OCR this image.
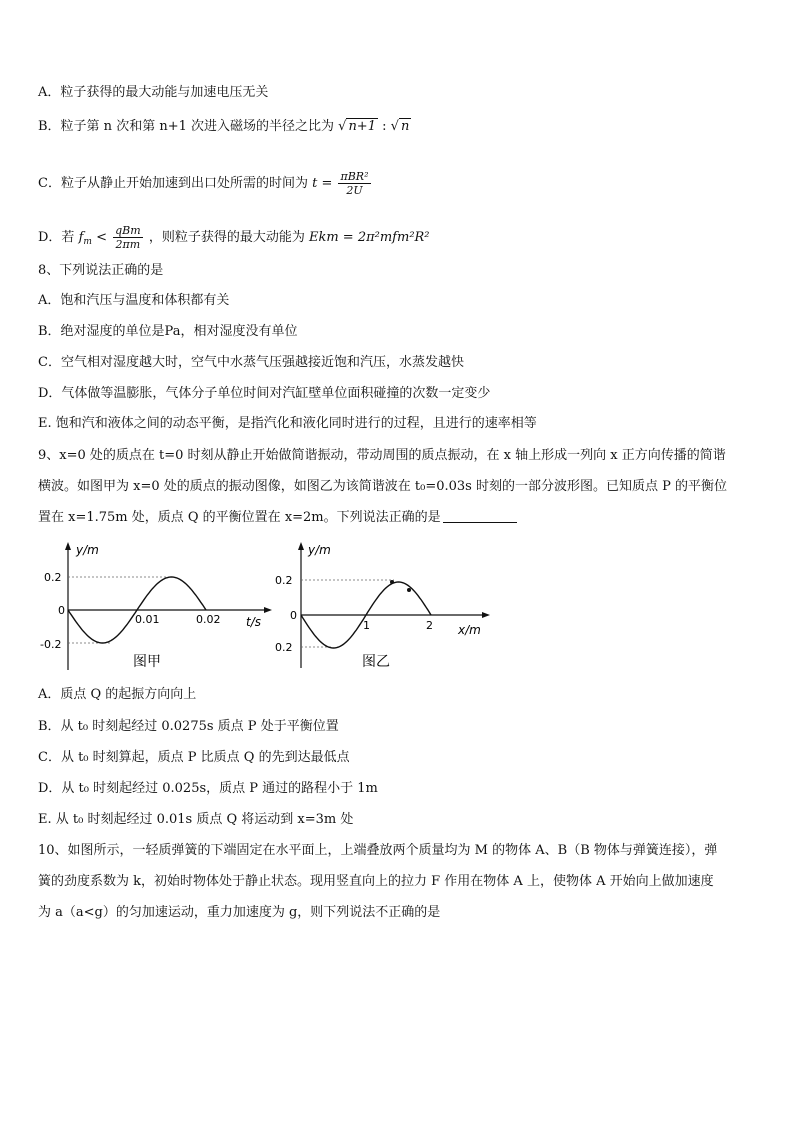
A．粒子获得的最大动能与加速电压无关
B．粒子第 n 次和第 n+1 次进入磁场的半径之比为 √ n+1 : √ n
C．粒子从静止开始加速到出口处所需的时间为 $t = \frac{\text{πBR²}}{2U}$
D．若 $f_m < \frac{\text{qBm}}{2\pi m}$ ，则粒子获得的最大动能为 Ekm = 2π²mfm²R²
8、下列说法正确的是
A．饱和汽压与温度和体积都有关
B．绝对湿度的单位是Pa，相对湿度没有单位
C．空气相对湿度越大时，空气中水蒸气压强越接近饱和汽压，水蒸发越快
D．气体做等温膨胀，气体分子单位时间对汽缸壁单位面积碰撞的次数一定变少
E. 饱和汽和液体之间的动态平衡，是指汽化和液化同时进行的过程，且进行的速率相等
9、x=0 处的质点在 t=0 时刻从静止开始做简谐振动，带动周围的质点振动，在 x 轴上形成一列向 x 正方向传播的简谐
横波。如图甲为 x=0 处的质点的振动图像，如图乙为该简谐波在 t₀=0.03s 时刻的一部分波形图。已知质点 P 的平衡位
置在 x=1.75m 处，质点 Q 的平衡位置在 x=2m。下列说法正确的是
y/m
0.2
0
-0.2
0.01	0.02 t/s
图甲
y/m
0.2
0
0.2
1	2 x/m
图乙
A．质点 Q 的起振方向向上
B．从 t₀ 时刻起经过 0.0275s 质点 P 处于平衡位置
C．从 t₀ 时刻算起，质点 P 比质点 Q 的先到达最低点
D．从 t₀ 时刻起经过 0.025s，质点 P 通过的路程小于 1m
E. 从 t₀ 时刻起经过 0.01s 质点 Q 将运动到 x=3m 处
10、如图所示，一轻质弹簧的下端固定在水平面上，上端叠放两个质量均为 M 的物体 A、B（B 物体与弹簧连接），弹
簧的劲度系数为 k，初始时物体处于静止状态。现用竖直向上的拉力 F 作用在物体 A 上，使物体 A 开始向上做加速度
为 a（a<g）的匀加速运动，重力加速度为 g，则下列说法不正确的是
